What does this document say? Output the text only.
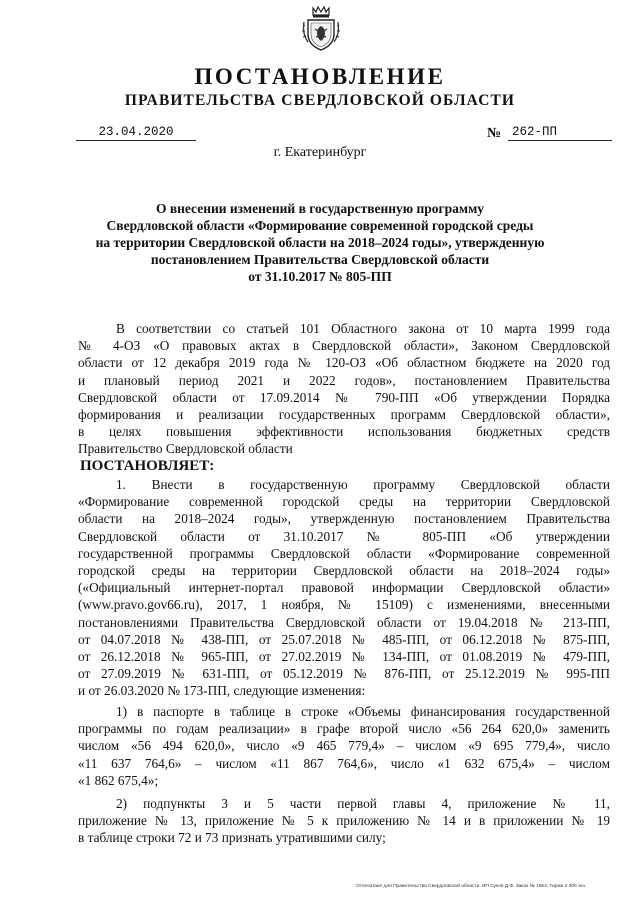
ПОСТАНОВЛЕНИЕ
ПРАВИТЕЛЬСТВА СВЕРДЛОВСКОЙ ОБЛАСТИ
23.04.2020	№ 262-ПП
г. Екатеринбург
О внесении изменений в государственную программу
Свердловской области «Формирование современной городской среды
на территории Свердловской области на 2018–2024 годы», утвержденную
постановлением Правительства Свердловской области
от 31.10.2017 № 805-ПП
В соответствии со статьей 101 Областного закона от 10 марта 1999 года
№ 4-ОЗ «О правовых актах в Свердловской области», Законом Свердловской
области от 12 декабря 2019 года № 120-ОЗ «Об областном бюджете на 2020 год
и плановый период 2021 и 2022 годов», постановлением Правительства
Свердловской области от 17.09.2014 № 790-ПП «Об утверждении Порядка
формирования и реализации государственных программ Свердловской области»,
в целях повышения эффективности использования бюджетных средств
Правительство Свердловской области
ПОСТАНОВЛЯЕТ:
1. Внести в государственную программу Свердловской области
«Формирование современной городской среды на территории Свердловской
области на 2018–2024 годы», утвержденную постановлением Правительства
Свердловской области от 31.10.2017 № 805-ПП «Об утверждении
государственной программы Свердловской области «Формирование современной
городской среды на территории Свердловской области на 2018–2024 годы»
(«Официальный интернет-портал правовой информации Свердловской области»
(www.pravo.gov66.ru), 2017, 1 ноября, № 15109) с изменениями, внесенными
постановлениями Правительства Свердловской области от 19.04.2018 № 213-ПП,
от 04.07.2018 № 438-ПП, от 25.07.2018 № 485-ПП, от 06.12.2018 № 875-ПП,
от 26.12.2018 № 965-ПП, от 27.02.2019 № 134-ПП, от 01.08.2019 № 479-ПП,
от 27.09.2019 № 631-ПП, от 05.12.2019 № 876-ПП, от 25.12.2019 № 995-ПП
и от 26.03.2020 № 173-ПП, следующие изменения:
1) в паспорте в таблице в строке «Объемы финансирования государственной
программы по годам реализации» в графе второй число «56 264 620,0» заменить
числом «56 494 620,0», число «9 465 779,4» – числом «9 695 779,4», число
«11 637 764,6» – числом «11 867 764,6», число «1 632 675,4» – числом
«1 862 675,4»;
2) подпункты 3 и 5 части первой главы 4, приложение № 11,
приложение № 13, приложение № 5 к приложению № 14 и в приложении № 19
в таблице строки 72 и 73 признать утратившими силу;
Отпечатано для Правительства Свердловской области. ИП Сукоя Д.Ф. Заказ № 1963. Тираж 2 000 экз.
